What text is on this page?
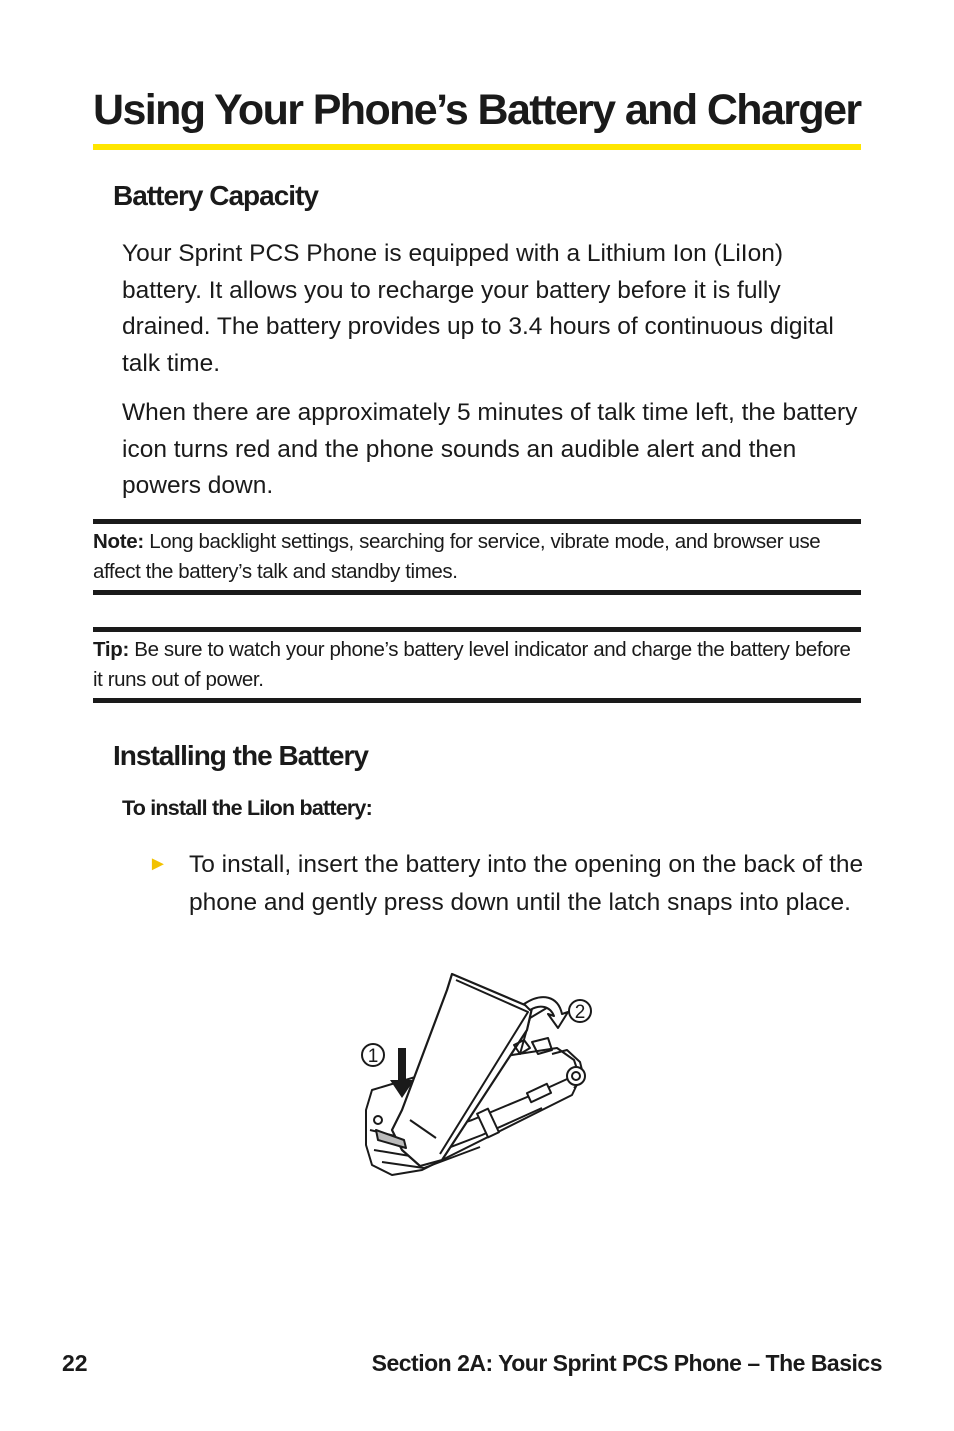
Using Your Phone’s Battery and Charger
Battery Capacity

Your Sprint PCS Phone is equipped with a Lithium Ion (LiIon) battery. It allows you to recharge your battery before it is fully drained. The battery provides up to 3.4 hours of continuous digital talk time.

When there are approximately 5 minutes of talk time left, the battery icon turns red and the phone sounds an audible alert and then powers down.

Note: Long backlight settings, searching for service, vibrate mode, and browser use affect the battery’s talk and standby times.
Tip: Be sure to watch your phone’s battery level indicator and charge the battery before it runs out of power.
Installing the Battery
To install the LiIon battery:
► To install, insert the battery into the opening on the back of the phone and gently press down until the latch snaps into place.

1
2
22	Section 2A: Your Sprint PCS Phone – The Basics
